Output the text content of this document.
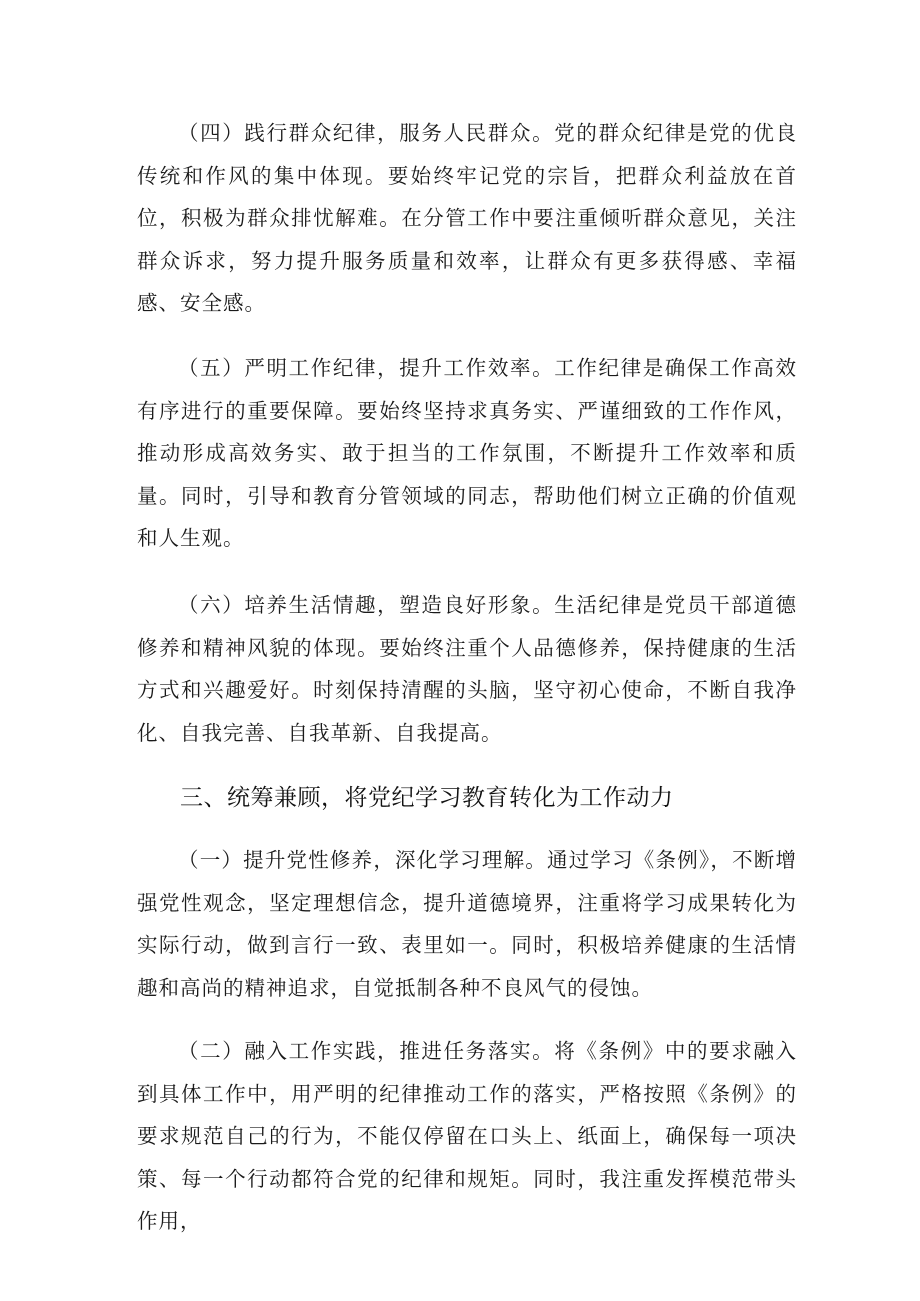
（四）践行群众纪律，服务人民群众。党的群众纪律是党的优良传统和作风的集中体现。要始终牢记党的宗旨，把群众利益放在首位，积极为群众排忧解难。在分管工作中要注重倾听群众意见，关注群众诉求，努力提升服务质量和效率，让群众有更多获得感、幸福感、安全感。

（五）严明工作纪律，提升工作效率。工作纪律是确保工作高效有序进行的重要保障。要始终坚持求真务实、严谨细致的工作作风，推动形成高效务实、敢于担当的工作氛围，不断提升工作效率和质量。同时，引导和教育分管领域的同志，帮助他们树立正确的价值观和人生观。

（六）培养生活情趣，塑造良好形象。生活纪律是党员干部道德修养和精神风貌的体现。要始终注重个人品德修养，保持健康的生活方式和兴趣爱好。时刻保持清醒的头脑，坚守初心使命，不断自我净化、自我完善、自我革新、自我提高。

三、统筹兼顾，将党纪学习教育转化为工作动力

（一）提升党性修养，深化学习理解。通过学习《条例》，不断增强党性观念，坚定理想信念，提升道德境界，注重将学习成果转化为实际行动，做到言行一致、表里如一。同时，积极培养健康的生活情趣和高尚的精神追求，自觉抵制各种不良风气的侵蚀。

（二）融入工作实践，推进任务落实。将《条例》中的要求融入到具体工作中，用严明的纪律推动工作的落实，严格按照《条例》的要求规范自己的行为，不能仅停留在口头上、纸面上，确保每一项决策、每一个行动都符合党的纪律和规矩。同时，我注重发挥模范带头作用，
